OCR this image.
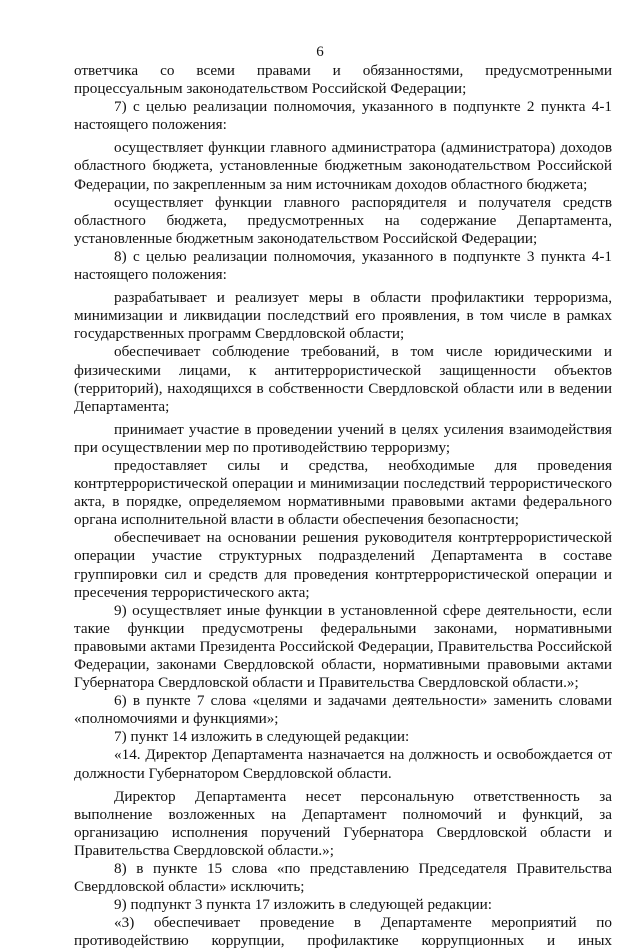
6

ответчика со всеми правами и обязанностями, предусмотренными процессуальным законодательством Российской Федерации;

7) с целью реализации полномочия, указанного в подпункте 2 пункта 4-1 настоящего положения:

осуществляет функции главного администратора (администратора) доходов областного бюджета, установленные бюджетным законодательством Российской Федерации, по закрепленным за ним источникам доходов областного бюджета;

осуществляет функции главного распорядителя и получателя средств областного бюджета, предусмотренных на содержание Департамента, установленные бюджетным законодательством Российской Федерации;

8) с целью реализации полномочия, указанного в подпункте 3 пункта 4-1 настоящего положения:

разрабатывает и реализует меры в области профилактики терроризма, минимизации и ликвидации последствий его проявления, в том числе в рамках государственных программ Свердловской области;

обеспечивает соблюдение требований, в том числе юридическими и физическими лицами, к антитеррористической защищенности объектов (территорий), находящихся в собственности Свердловской области или в ведении Департамента;

принимает участие в проведении учений в целях усиления взаимодействия при осуществлении мер по противодействию терроризму;

предоставляет силы и средства, необходимые для проведения контртеррористической операции и минимизации последствий террористического акта, в порядке, определяемом нормативными правовыми актами федерального органа исполнительной власти в области обеспечения безопасности;

обеспечивает на основании решения руководителя контртеррористической операции участие структурных подразделений Департамента в составе группировки сил и средств для проведения контртеррористической операции и пресечения террористического акта;

9) осуществляет иные функции в установленной сфере деятельности, если такие функции предусмотрены федеральными законами, нормативными правовыми актами Президента Российской Федерации, Правительства Российской Федерации, законами Свердловской области, нормативными правовыми актами Губернатора Свердловской области и Правительства Свердловской области.»;

6) в пункте 7 слова «целями и задачами деятельности» заменить словами «полномочиями и функциями»;

7) пункт 14 изложить в следующей редакции:

«14. Директор Департамента назначается на должность и освобождается от должности Губернатором Свердловской области.

Директор Департамента несет персональную ответственность за выполнение возложенных на Департамент полномочий и функций, за организацию исполнения поручений Губернатора Свердловской области и Правительства Свердловской области.»;

8) в пункте 15 слова «по представлению Председателя Правительства Свердловской области» исключить;

9) подпункт 3 пункта 17 изложить в следующей редакции:

«3) обеспечивает проведение в Департаменте мероприятий по противодействию коррупции, профилактике коррупционных и иных
